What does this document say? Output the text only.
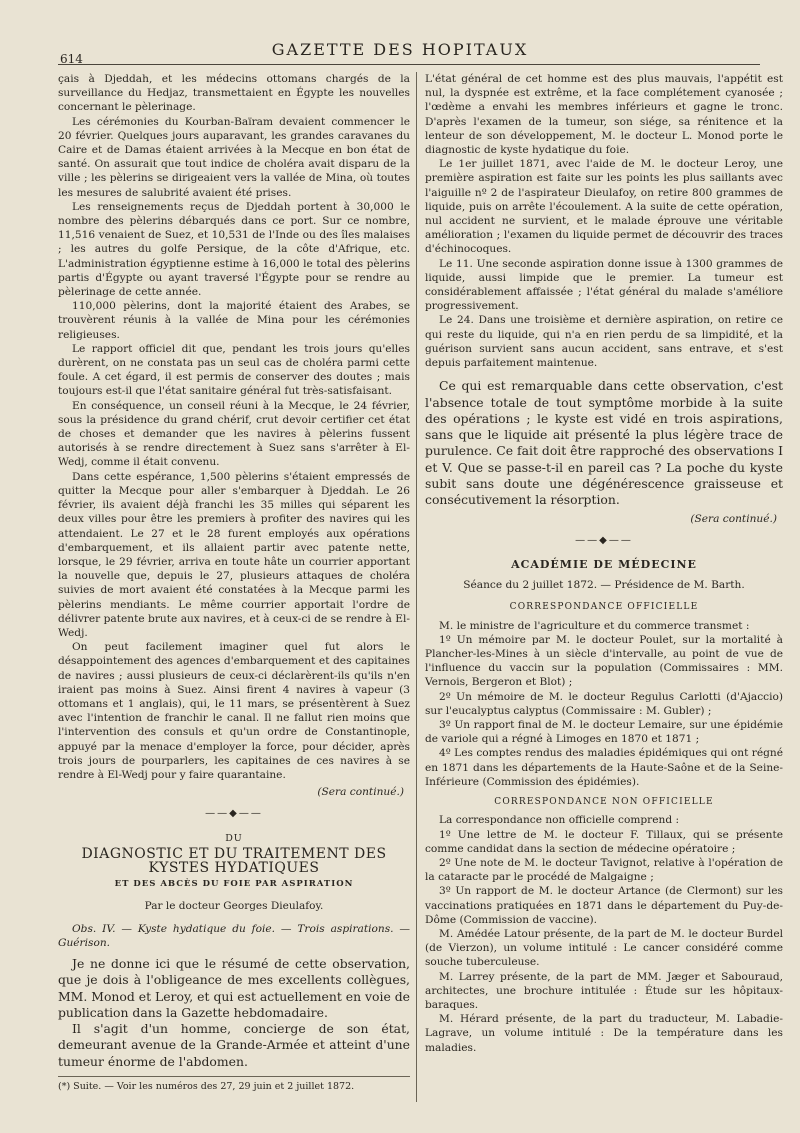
614	GAZETTE DES HOPITAUX

çais à Djeddah, et les médecins ottomans chargés de la surveillance du Hedjaz, transmettaient en Égypte les nouvelles concernant le pèlerinage.

Les cérémonies du Kourban-Baïram devaient commencer le 20 février. Quelques jours auparavant, les grandes caravanes du Caire et de Damas étaient arrivées à la Mecque en bon état de santé. On assurait que tout indice de choléra avait disparu de la ville ; les pèlerins se dirigeaient vers la vallée de Mina, où toutes les mesures de salubrité avaient été prises.

Les renseignements reçus de Djeddah portent à 30,000 le nombre des pèlerins débarqués dans ce port. Sur ce nombre, 11,516 venaient de Suez, et 10,531 de l'Inde ou des îles malaises ; les autres du golfe Persique, de la côte d'Afrique, etc. L'administration égyptienne estime à 16,000 le total des pèlerins partis d'Égypte ou ayant traversé l'Égypte pour se rendre au pèlerinage de cette année.

110,000 pèlerins, dont la majorité étaient des Arabes, se trouvèrent réunis à la vallée de Mina pour les cérémonies religieuses.

Le rapport officiel dit que, pendant les trois jours qu'elles durèrent, on ne constata pas un seul cas de choléra parmi cette foule. A cet égard, il est permis de conserver des doutes ; mais toujours est-il que l'état sanitaire général fut très-satisfaisant.

En conséquence, un conseil réuni à la Mecque, le 24 février, sous la présidence du grand chérif, crut devoir certifier cet état de choses et demander que les navires à pèlerins fussent autorisés à se rendre directement à Suez sans s'arrêter à El-Wedj, comme il était convenu.

Dans cette espérance, 1,500 pèlerins s'étaient empressés de quitter la Mecque pour aller s'embarquer à Djeddah. Le 26 février, ils avaient déjà franchi les 35 milles qui séparent les deux villes pour être les premiers à profiter des navires qui les attendaient. Le 27 et le 28 furent employés aux opérations d'embarquement, et ils allaient partir avec patente nette, lorsque, le 29 février, arriva en toute hâte un courrier apportant la nouvelle que, depuis le 27, plusieurs attaques de choléra suivies de mort avaient été constatées à la Mecque parmi les pèlerins mendiants. Le même courrier apportait l'ordre de délivrer patente brute aux navires, et à ceux-ci de se rendre à El-Wedj.

On peut facilement imaginer quel fut alors le désappointement des agences d'embarquement et des capitaines de navires ; aussi plusieurs de ceux-ci déclarèrent-ils qu'ils n'en iraient pas moins à Suez. Ainsi firent 4 navires à vapeur (3 ottomans et 1 anglais), qui, le 11 mars, se présentèrent à Suez avec l'intention de franchir le canal. Il ne fallut rien moins que l'intervention des consuls et qu'un ordre de Constantinople, appuyé par la menace d'employer la force, pour décider, après trois jours de pourparlers, les capitaines de ces navires à se rendre à El-Wedj pour y faire quarantaine.

(Sera continué.)
——◆——
DU
DIAGNOSTIC ET DU TRAITEMENT DES KYSTES HYDATIQUES
ET DES ABCÈS DU FOIE PAR ASPIRATION
Par le docteur Georges Dieulafoy.

Obs. IV. — Kyste hydatique du foie. — Trois aspirations. — Guérison.

Je ne donne ici que le résumé de cette observation, que je dois à l'obligeance de mes excellents collègues, MM. Monod et Leroy, et qui est actuellement en voie de publication dans la Gazette hebdomadaire.

Il s'agit d'un homme, concierge de son état, demeurant avenue de la Grande-Armée et atteint d'une tumeur énorme de l'abdomen.

(*) Suite. — Voir les numéros des 27, 29 juin et 2 juillet 1872.

L'état général de cet homme est des plus mauvais, l'appétit est nul, la dyspnée est extrême, et la face complétement cyanosée ; l'œdème a envahi les membres inférieurs et gagne le tronc. D'après l'examen de la tumeur, son siége, sa rénitence et la lenteur de son développement, M. le docteur L. Monod porte le diagnostic de kyste hydatique du foie.

Le 1er juillet 1871, avec l'aide de M. le docteur Leroy, une première aspiration est faite sur les points les plus saillants avec l'aiguille nº 2 de l'aspirateur Dieulafoy, on retire 800 grammes de liquide, puis on arrête l'écoulement. A la suite de cette opération, nul accident ne survient, et le malade éprouve une véritable amélioration ; l'examen du liquide permet de découvrir des traces d'échinocoques.

Le 11. Une seconde aspiration donne issue à 1300 grammes de liquide, aussi limpide que le premier. La tumeur est considérablement affaissée ; l'état général du malade s'améliore progressivement.

Le 24. Dans une troisième et dernière aspiration, on retire ce qui reste du liquide, qui n'a en rien perdu de sa limpidité, et la guérison survient sans aucun accident, sans entrave, et s'est depuis parfaitement maintenue.

Ce qui est remarquable dans cette observation, c'est l'absence totale de tout symptôme morbide à la suite des opérations ; le kyste est vidé en trois aspirations, sans que le liquide ait présenté la plus légère trace de purulence. Ce fait doit être rapproché des observations I et V. Que se passe-t-il en pareil cas ? La poche du kyste subit sans doute une dégénérescence graisseuse et consécutivement la résorption.

(Sera continué.)
——◆——
ACADÉMIE DE MÉDECINE
Séance du 2 juillet 1872. — Présidence de M. Barth.
CORRESPONDANCE OFFICIELLE

M. le ministre de l'agriculture et du commerce transmet :

1º Un mémoire par M. le docteur Poulet, sur la mortalité à Plancher-les-Mines à un siècle d'intervalle, au point de vue de l'influence du vaccin sur la population (Commissaires : MM. Vernois, Bergeron et Blot) ;

2º Un mémoire de M. le docteur Regulus Carlotti (d'Ajaccio) sur l'eucalyptus calyptus (Commissaire : M. Gubler) ;

3º Un rapport final de M. le docteur Lemaire, sur une épidémie de variole qui a régné à Limoges en 1870 et 1871 ;

4º Les comptes rendus des maladies épidémiques qui ont régné en 1871 dans les départements de la Haute-Saône et de la Seine-Inférieure (Commission des épidémies).

CORRESPONDANCE NON OFFICIELLE

La correspondance non officielle comprend :

1º Une lettre de M. le docteur F. Tillaux, qui se présente comme candidat dans la section de médecine opératoire ;

2º Une note de M. le docteur Tavignot, relative à l'opération de la cataracte par le procédé de Malgaigne ;

3º Un rapport de M. le docteur Artance (de Clermont) sur les vaccinations pratiquées en 1871 dans le département du Puy-de-Dôme (Commission de vaccine).

M. Amédée Latour présente, de la part de M. le docteur Burdel (de Vierzon), un volume intitulé : Le cancer considéré comme souche tuberculeuse.

M. Larrey présente, de la part de MM. Jæger et Sabouraud, architectes, une brochure intitulée : Étude sur les hôpitaux-baraques.

M. Hérard présente, de la part du traducteur, M. Labadie-Lagrave, un volume intitulé : De la température dans les maladies.
